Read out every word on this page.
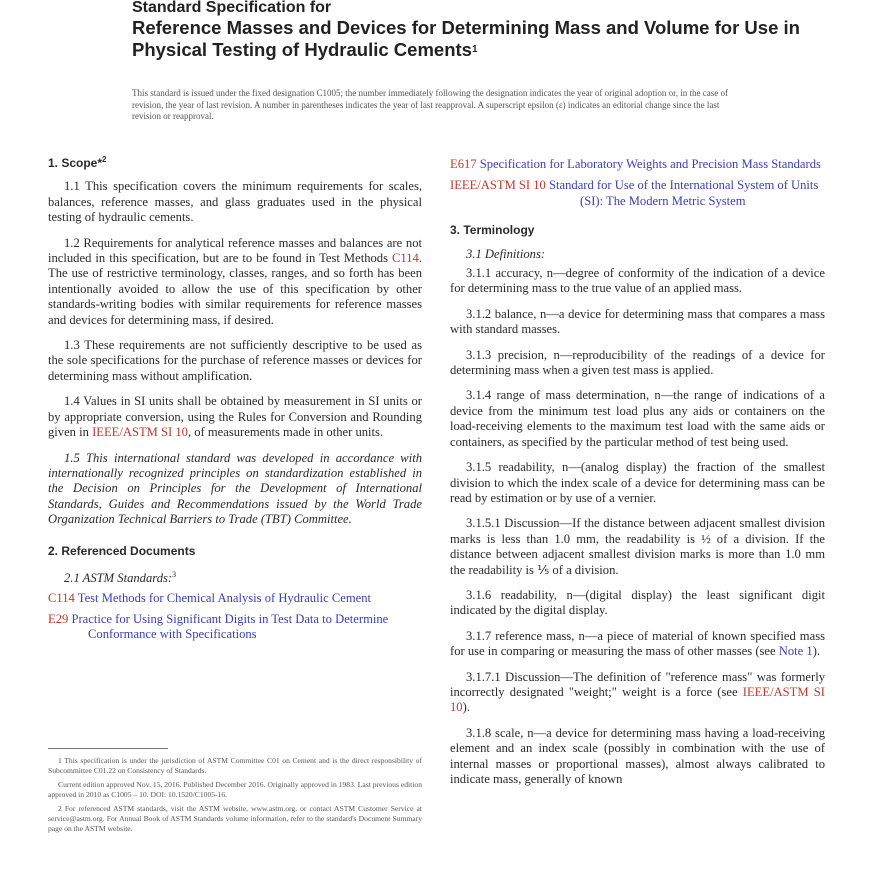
Standard Specification for
Reference Masses and Devices for Determining Mass and Volume for Use in Physical Testing of Hydraulic Cements$^1$
This standard is issued under the fixed designation C1005; the number immediately following the designation indicates the year of original adoption or, in the case of revision, the year of last revision. A number in parentheses indicates the year of last reapproval. A superscript epsilon (ε) indicates an editorial change since the last revision or reapproval.
1. Scope*$^2$

1.1 This specification covers the minimum requirements for scales, balances, reference masses, and glass graduates used in the physical testing of hydraulic cements.

1.2 Requirements for analytical reference masses and balances are not included in this specification, but are to be found in Test Methods C114. The use of restrictive terminology, classes, ranges, and so forth has been intentionally avoided to allow the use of this specification by other standards-writing bodies with similar requirements for reference masses and devices for determining mass, if desired.

1.3 These requirements are not sufficiently descriptive to be used as the sole specifications for the purchase of reference masses or devices for determining mass without amplification.

1.4 Values in SI units shall be obtained by measurement in SI units or by appropriate conversion, using the Rules for Conversion and Rounding given in IEEE/ASTM SI 10, of measurements made in other units.

1.5 This international standard was developed in accordance with internationally recognized principles on standardization established in the Decision on Principles for the Development of International Standards, Guides and Recommendations issued by the World Trade Organization Technical Barriers to Trade (TBT) Committee.

2. Referenced Documents

2.1 ASTM Standards:$^3$

C114 Test Methods for Chemical Analysis of Hydraulic Cement
E29 Practice for Using Significant Digits in Test Data to Determine Conformance with Specifications

1 This specification is under the jurisdiction of ASTM Committee C01 on Cement and is the direct responsibility of Subcommittee C01.22 on Consistency of Standards.

Current edition approved Nov. 15, 2016. Published December 2016. Originally approved in 1983. Last previous edition approved in 2010 as C1005 – 10. DOI: 10.1520/C1005-16.

2 For referenced ASTM standards, visit the ASTM website, www.astm.org, or contact ASTM Customer Service at service@astm.org. For Annual Book of ASTM Standards volume information, refer to the standard's Document Summary page on the ASTM website.

E617 Specification for Laboratory Weights and Precision Mass Standards
IEEE/ASTM SI 10 Standard for Use of the International System of Units (SI): The Modern Metric System
3. Terminology

3.1 Definitions:

3.1.1 accuracy, n—degree of conformity of the indication of a device for determining mass to the true value of an applied mass.

3.1.2 balance, n—a device for determining mass that compares a mass with standard masses.

3.1.3 precision, n—reproducibility of the readings of a device for determining mass when a given test mass is applied.

3.1.4 range of mass determination, n—the range of indications of a device from the minimum test load plus any aids or containers on the load-receiving elements to the maximum test load with the same aids or containers, as specified by the particular method of test being used.

3.1.5 readability, n—(analog display) the fraction of the smallest division to which the index scale of a device for determining mass can be read by estimation or by use of a vernier.

3.1.5.1 Discussion—If the distance between adjacent smallest division marks is less than 1.0 mm, the readability is ½ of a division. If the distance between adjacent smallest division marks is more than 1.0 mm the readability is ⅕ of a division.

3.1.6 readability, n—(digital display) the least significant digit indicated by the digital display.

3.1.7 reference mass, n—a piece of material of known specified mass for use in comparing or measuring the mass of other masses (see Note 1).

3.1.7.1 Discussion—The definition of "reference mass" was formerly incorrectly designated "weight;" weight is a force (see IEEE/ASTM SI 10).

3.1.8 scale, n—a device for determining mass having a load-receiving element and an index scale (possibly in combination with the use of internal masses or proportional masses), almost always calibrated to indicate mass, generally of known
